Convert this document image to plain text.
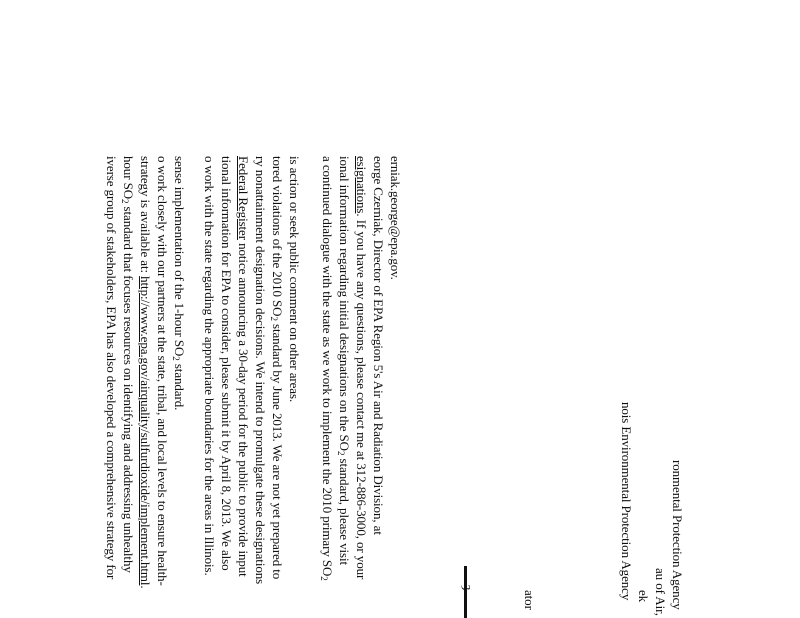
iverse group of stakeholders, EPA has also developed a comprehensive strategy for hour $SO_2$ standard that focuses resources on identifying and addressing unhealthy strategy is available at: http://www.epa.gov/airquality/sulfurdioxide/implement.html.
o work closely with our partners at the state, tribal, and local levels to ensure health- sense implementation of the 1-hour $SO_2$ standard. o work with the state regarding the appropriate boundaries for the areas in Illinois. tional information for EPA to consider, please submit it by April 8, 2013. We also Federal Register notice announcing a 30-day period for the public to provide input ry nonattainment designation decisions. We intend to promulgate these designations tored violations of the 2010 $SO_2$ standard by June 2013. We are not yet prepared to
is action or seek public comment on other areas.	a continued dialogue with the state as we work to implement the 2010 primary $SO_2$
ional information regarding initial designations on the $SO_2$ standard, please visit
esignations. If you have any questions, please contact me at 312-886-3000, or your eorge Czerniak, Director of EPA Region 5's Air and Radiation Division, at erniak.george@epa.gov.
ȝ
ator	nois Environmental Protection Agency ek au of Air, ronmental Protection Agency
